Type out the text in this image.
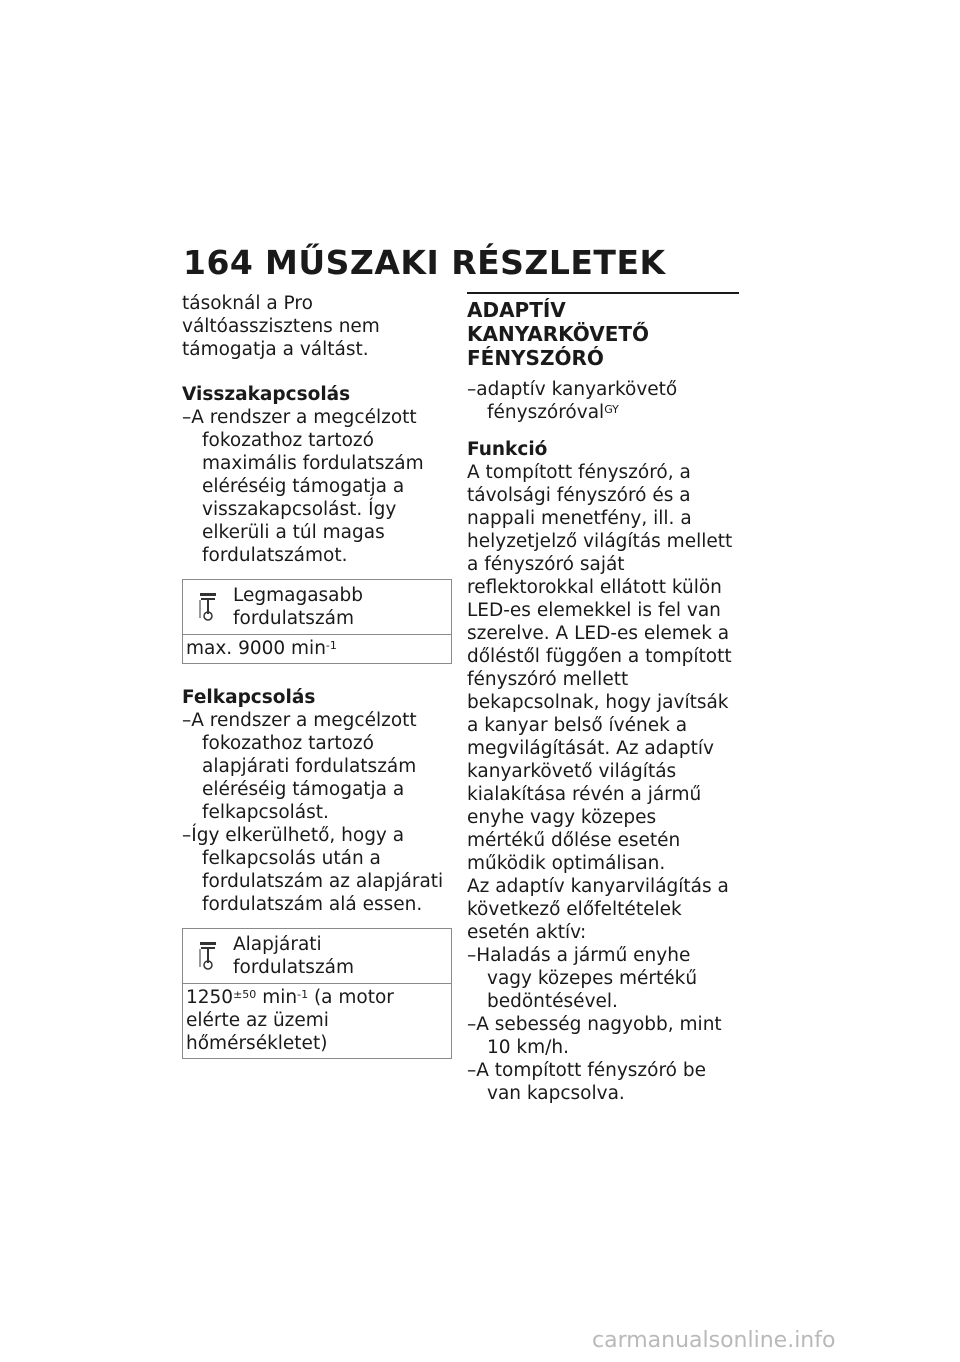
164 MŰSZAKI RÉSZLETEK

tásoknál a Pro váltóasszisztens nem támogatja a váltást.

Visszakapcsolás

–A rendszer a megcélzott fokozathoz tartozó maximális fordulatszám eléréséig támogatja a visszakapcsolást. Így elkerüli a túl magas fordulatszámot.

Legmagasabb fordulatszám
max. 9000 $\min^{-1}$

Felkapcsolás

–A rendszer a megcélzott fokozathoz tartozó alapjárati fordulatszám eléréséig támogatja a felkapcsolást.

–Így elkerülhető, hogy a felkapcsolás után a fordulatszám az alapjárati fordulatszám alá essen.

Alapjárati fordulatszám
$1250^{\pm 50}$ $\min^{-1} (a$ motor elérte az üzemi hőmérsékletet)
ADAPTÍV KANYARKÖVETŐ FÉNYSZÓRÓ

–adaptív kanyarkövető fényszóróval$^{GY}$

Funkció

A tompított fényszóró, a távolsági fényszóró és a nappali menetfény, ill. a helyzetjelző világítás mellett a fényszóró saját reflektorokkal ellátott külön LED-es elemekkel is fel van szerelve. A LED-es elemek a dőléstől függően a tompított fényszóró mellett bekapcsolnak, hogy javítsák a kanyar belső ívének a megvilágítását. Az adaptív kanyarkövető világítás kialakítása révén a jármű enyhe vagy közepes mértékű dőlése esetén működik optimálisan.

Az adaptív kanyarvilágítás a következő előfeltételek esetén aktív:

–Haladás a jármű enyhe vagy közepes mértékű bedöntésével.

–A sebesség nagyobb, mint 10 km/h.

–A tompított fényszóró be van kapcsolva.

carmanualsonline.info
